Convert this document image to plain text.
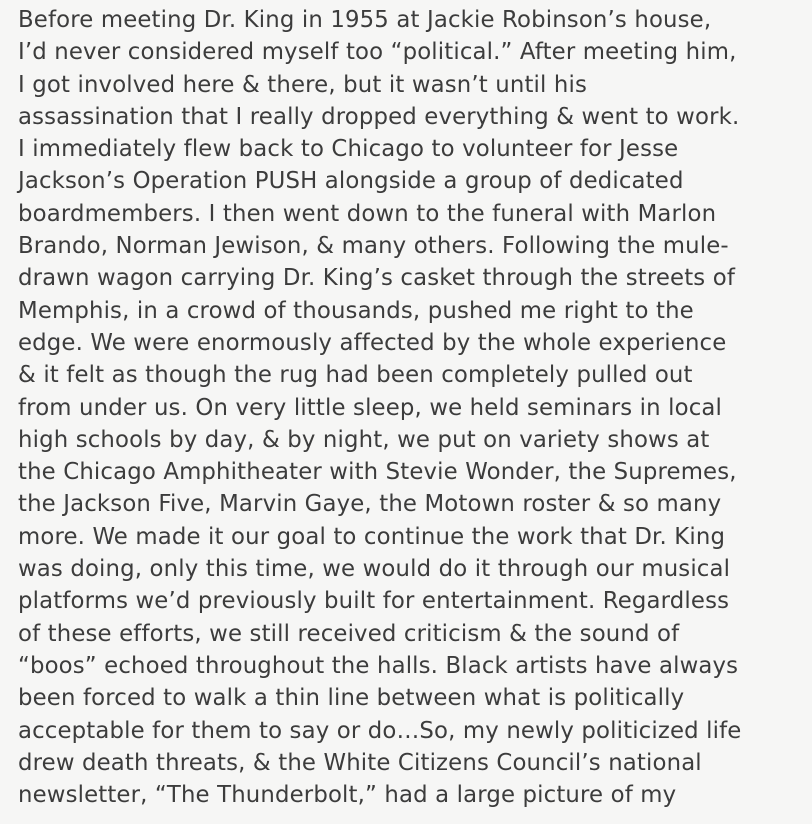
Before meeting Dr. King in 1955 at Jackie Robinson’s house,
I’d never considered myself too “political.” After meeting him,
I got involved here & there, but it wasn’t until his
assassination that I really dropped everything & went to work.
I immediately flew back to Chicago to volunteer for Jesse
Jackson’s Operation PUSH alongside a group of dedicated
boardmembers. I then went down to the funeral with Marlon
Brando, Norman Jewison, & many others. Following the mule-
drawn wagon carrying Dr. King’s casket through the streets of
Memphis, in a crowd of thousands, pushed me right to the
edge. We were enormously affected by the whole experience
& it felt as though the rug had been completely pulled out
from under us. On very little sleep, we held seminars in local
high schools by day, & by night, we put on variety shows at
the Chicago Amphitheater with Stevie Wonder, the Supremes,
the Jackson Five, Marvin Gaye, the Motown roster & so many
more. We made it our goal to continue the work that Dr. King
was doing, only this time, we would do it through our musical
platforms we’d previously built for entertainment. Regardless
of these efforts, we still received criticism & the sound of
“boos” echoed throughout the halls. Black artists have always
been forced to walk a thin line between what is politically
acceptable for them to say or do…So, my newly politicized life
drew death threats, & the White Citizens Council’s national
newsletter, “The Thunderbolt,” had a large picture of my
